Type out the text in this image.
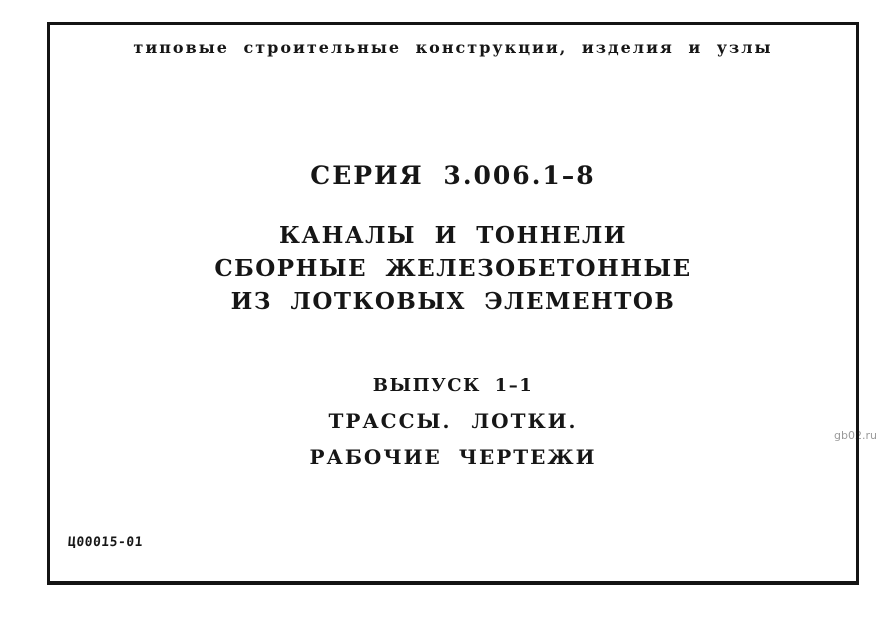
gb02.ru
типовые строительные конструкции, изделия и узлы
СЕРИЯ 3.006.1–8
КАНАЛЫ И ТОННЕЛИ
СБОРНЫЕ ЖЕЛЕЗОБЕТОННЫЕ
ИЗ ЛОТКОВЫХ ЭЛЕМЕНТОВ
ВЫПУСК 1–1
ТРАССЫ. ЛОТКИ.
РАБОЧИЕ ЧЕРТЕЖИ
Ц00015-01
